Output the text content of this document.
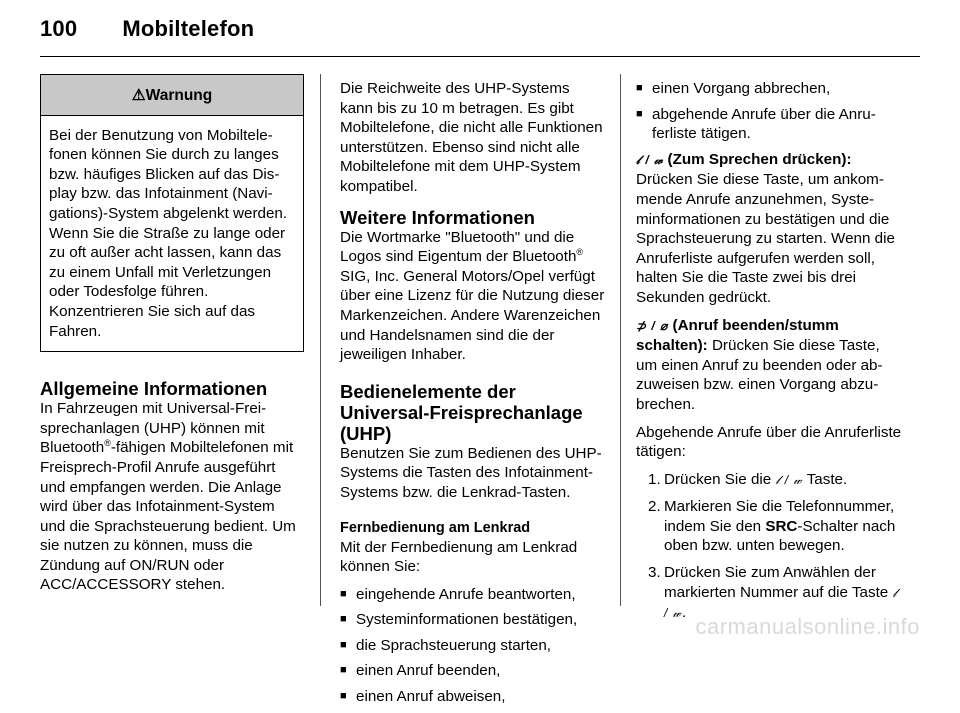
100 Mobiltelefon
⚠Warnung
Bei der Benutzung von Mobiltelefonen können Sie durch zu langes bzw. häufiges Blicken auf das Display bzw. das Infotainment (Navigations)-System abgelenkt werden. Wenn Sie die Straße zu lange oder zu oft außer acht lassen, kann das zu einem Unfall mit Verletzungen oder Todesfolge führen. Konzentrieren Sie sich auf das Fahren.
Allgemeine Informationen

In Fahrzeugen mit Universal-Freisprechanlagen (UHP) können mit Bluetooth®-fähigen Mobiltelefonen mit Freisprech-Profil Anrufe ausgeführt und empfangen werden. Die Anlage wird über das Infotainment-System und die Sprachsteuerung bedient. Um sie nutzen zu können, muss die Zündung auf ON/RUN oder ACC/ACCESSORY stehen.

Die Reichweite des UHP-Systems kann bis zu 10 m betragen. Es gibt Mobiltelefone, die nicht alle Funktionen unterstützen. Ebenso sind nicht alle Mobiltelefone mit dem UHP-System kompatibel.

Weitere Informationen

Die Wortmarke "Bluetooth" und die Logos sind Eigentum der Bluetooth® SIG, Inc. General Motors/Opel verfügt über eine Lizenz für die Nutzung dieser Markenzeichen. Andere Warenzeichen und Handelsnamen sind die der jeweiligen Inhaber.

Bedienelemente der Universal-Freisprechanlage (UHP)

Benutzen Sie zum Bedienen des UHP-Systems die Tasten des Infotainment-Systems bzw. die Lenkrad-Tasten.

Fernbedienung am Lenkrad

Mit der Fernbedienung am Lenkrad können Sie:

■ eingehende Anrufe beantworten,
■ Systeminformationen bestätigen,
■ die Sprachsteuerung starten,
■ einen Anruf beenden,
■ einen Anruf abweisen,
■ einen Vorgang abbrechen,
■ abgehende Anrufe über die Anruferliste tätigen.

𝓁 / 𝓌 (Zum Sprechen drücken):
Drücken Sie diese Taste, um ankommende Anrufe anzunehmen, Systeminformationen zu bestätigen und die Sprachsteuerung zu starten. Wenn die Anruferliste aufgerufen werden soll, halten Sie die Taste zwei bis drei Sekunden gedrückt.

⊅ / ⌀ (Anruf beenden/stumm schalten): Drücken Sie diese Taste, um einen Anruf zu beenden oder abzuweisen bzw. einen Vorgang abzubrechen.

Abgehende Anrufe über die Anruferliste tätigen:

1. Drücken Sie die 𝓁 / 𝓌 Taste.
2. Markieren Sie die Telefonnummer, indem Sie den SRC-Schalter nach oben bzw. unten bewegen.
3. Drücken Sie zum Anwählen der markierten Nummer auf die Taste 𝓁 / 𝓌.
carmanualsonline.info
